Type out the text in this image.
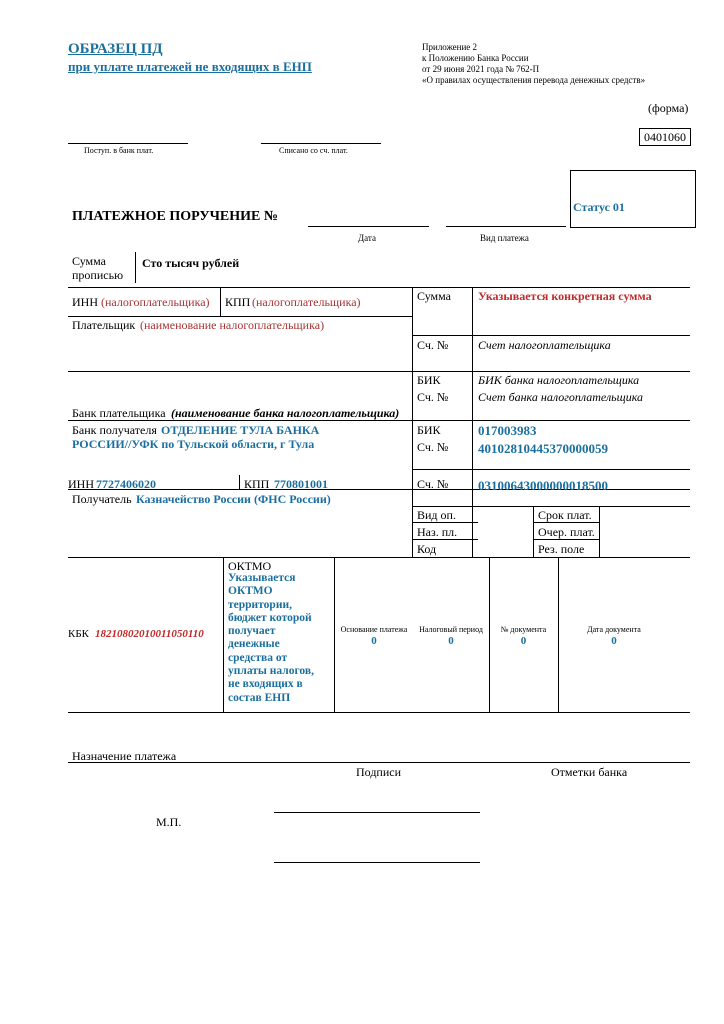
ОБРАЗЕЦ ПД
при уплате платежей не входящих в ЕНП
Приложение 2
к Положению Банка России
от 29 июня 2021 года № 762-П
«О правилах осуществления перевода денежных средств»
(форма)
0401060
Поступ. в банк плат.	Списано со сч. плат.
ПЛАТЕЖНОЕ ПОРУЧЕНИЕ №
Дата	Вид платежа
Статус 01
Сумма
прописью
Сто тысяч рублей
ИНН (налогоплательщика) КПП (налогоплательщика)
Плательщик (наименование налогоплательщика)
Банк плательщика (наименование банка налогоплательщика)
Сумма Указывается конкретная сумма
Сч. № Счет налогоплательщика
БИК	БИК банка налогоплательщика
Сч. № Счет банка налогоплательщика
БИК	017003983
Сч. № 40102810445370000059
Сч. № 03100643000000018500
Банк получателя ОТДЕЛЕНИЕ ТУЛА БАНКА
РОССИИ//УФК по Тульской области, г Тула
ИНН 7727406020	КПП 770801001
Получатель Казначейство России (ФНС России)
Вид оп.
Наз. пл.
Код
Срок плат.
Очер. плат.
Рез. поле
КБК 18210802010011050110
ОКТМО
Указывается
ОКТМО
территории,
бюджет которой
получает
денежные
средства от
уплаты налогов,
не входящих в
состав ЕНП
Основание платежа
0
Налоговый период
0
№ документа
0
Дата документа
0
Назначение платежа
Подписи	Отметки банка
М.П.
